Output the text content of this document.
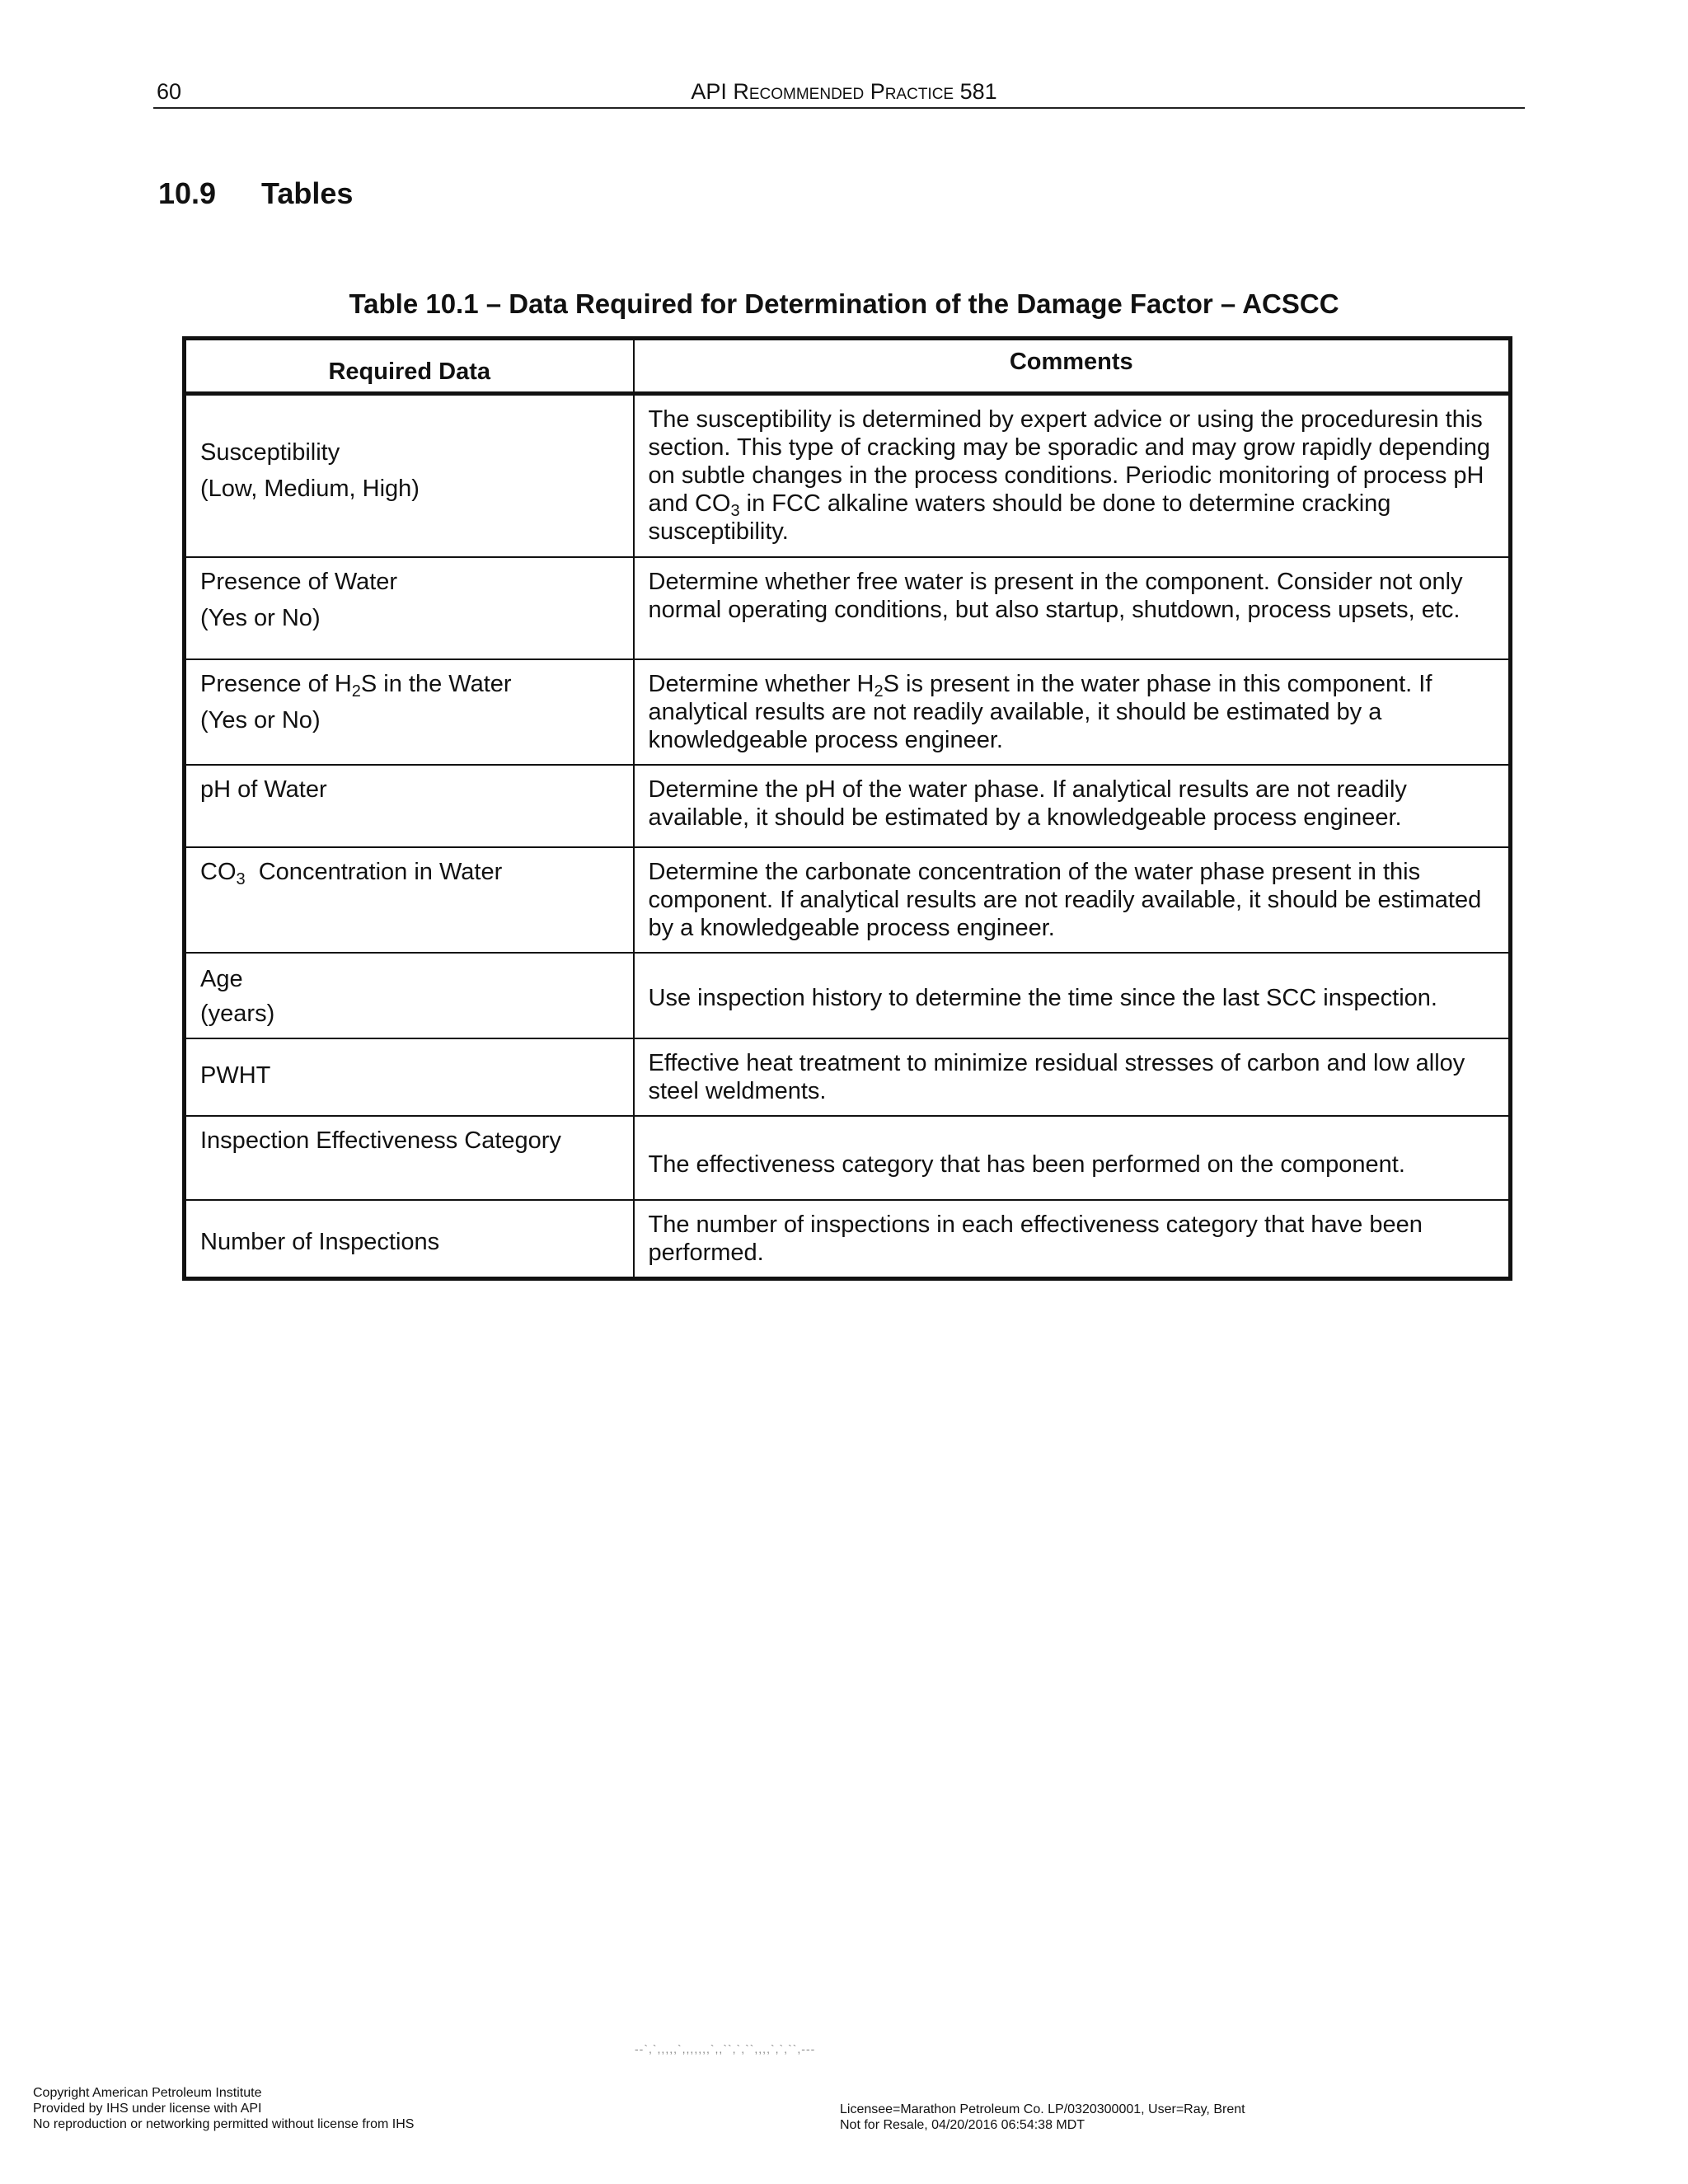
60	API Recommended Practice 581
10.9 Tables
Table 10.1 – Data Required for Determination of the Damage Factor – ACSCC
Required Data	Comments
Susceptibility
(Low, Medium, High)	The susceptibility is determined by expert advice or using the proceduresin this section. This type of cracking may be sporadic and may grow rapidly depending on subtle changes in the process conditions. Periodic monitoring of process pH and $CO_3$ in FCC alkaline waters should be done to determine cracking susceptibility.
Presence of Water
(Yes or No)	Determine whether free water is present in the component. Consider not only normal operating conditions, but also startup, shutdown, process upsets, etc.
Presence of $H_2S$ in the Water
(Yes or No)	Determine whether $H_2S$ is present in the water phase in this component. If analytical results are not readily available, it should be estimated by a knowledgeable process engineer.
pH of Water	Determine the pH of the water phase. If analytical results are not readily available, it should be estimated by a knowledgeable process engineer.
$CO_3$  Concentration in Water	Determine the carbonate concentration of the water phase present in this component. If analytical results are not readily available, it should be estimated by a knowledgeable process engineer.
Age
(years)	Use inspection history to determine the time since the last SCC inspection.
PWHT	Effective heat treatment to minimize residual stresses of carbon and low alloy steel weldments.
Inspection Effectiveness Category	The effectiveness category that has been performed on the component.
Number of Inspections	The number of inspections in each effectiveness category that have been performed.
--`,`,,,,,`,,,,,,,`,,``,`,``,,,,`,`,``,---
Copyright American Petroleum Institute
Provided by IHS under license with API
No reproduction or networking permitted without license from IHS
Licensee=Marathon Petroleum Co. LP/0320300001, User=Ray, Brent
Not for Resale, 04/20/2016 06:54:38 MDT
